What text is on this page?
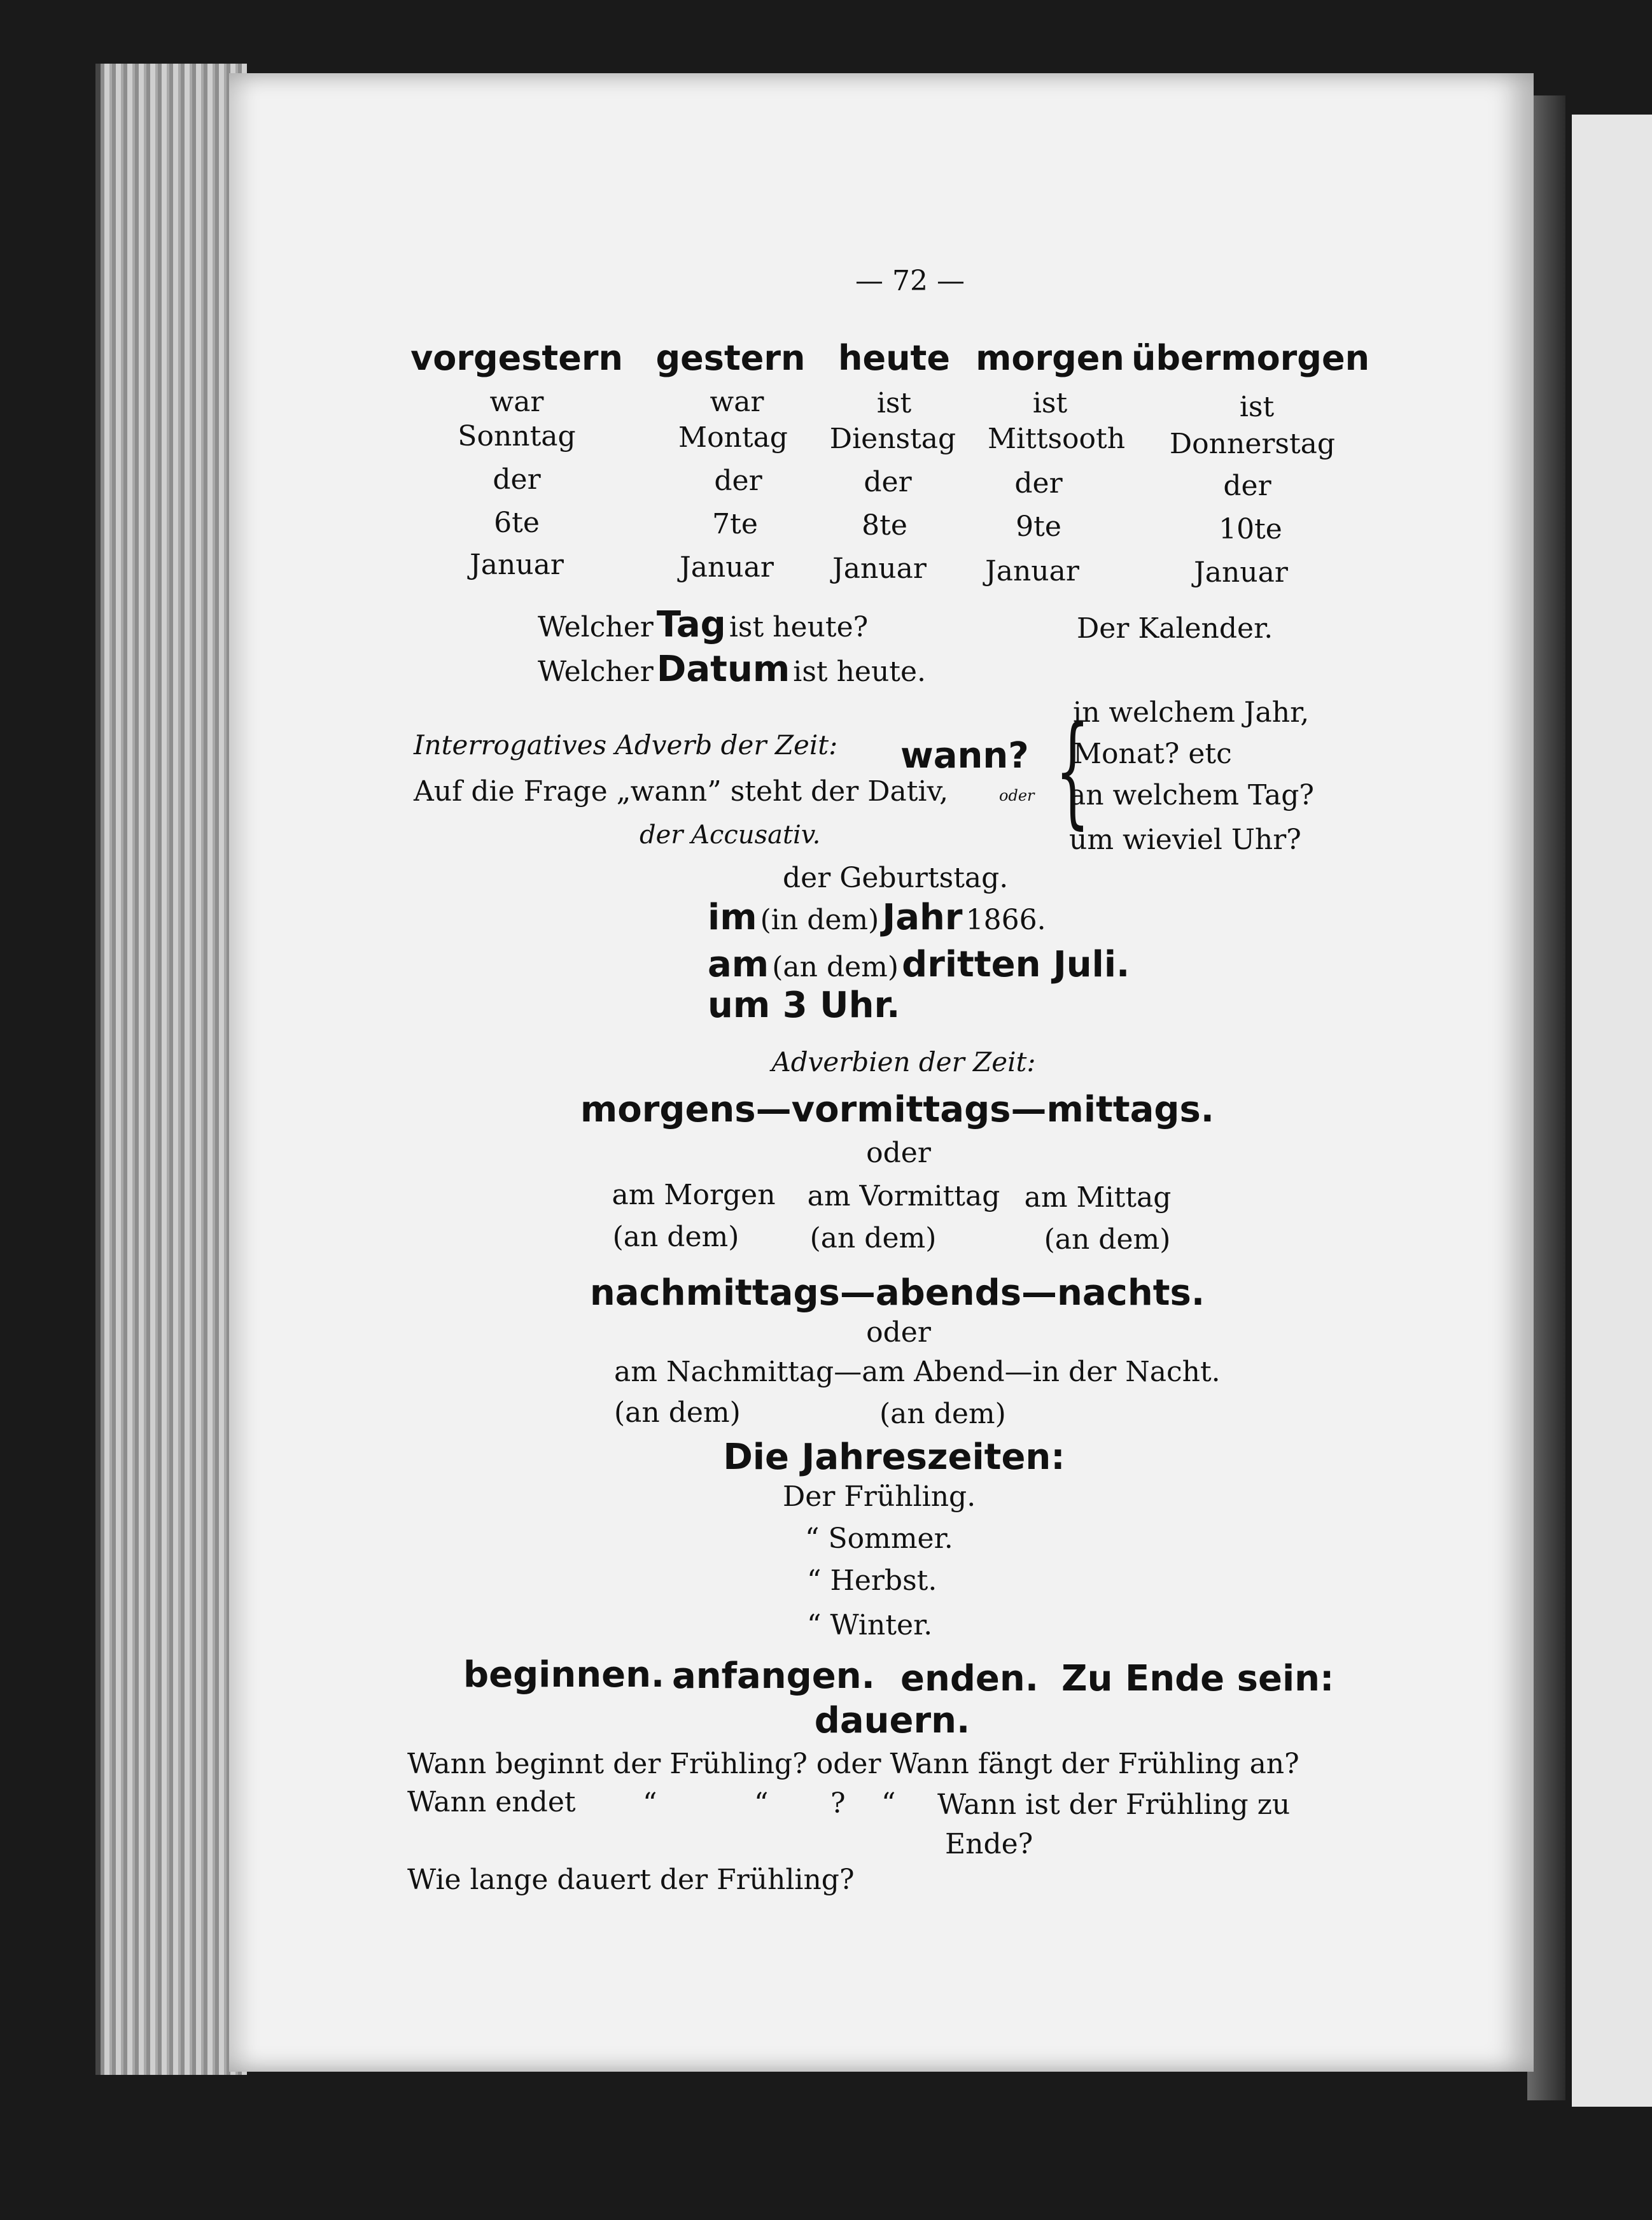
— 72 —
vorgestern gestern heute morgen übermorgen
war	war	ist	ist	ist
Sonntag	Montag Dienstag Mittsooth Donnerstag
der	der	der	der	der
6te	7te	8te	9te	10te
Januar	Januar Januar Januar	Januar
Welcher Tag ist heute?	Der Kalender.
Welcher Datum ist heute.
Interrogatives Adverb der Zeit: wann? {
in welchem Jahr,
Monat? etc
an welchem Tag?
um wieviel Uhr?
Auf die Frage „wann” steht der Dativ,	oder
der Accusativ.
der Geburtstag.
im (in dem) Jahr 1866.
am (an dem) dritten Juli.
um 3 Uhr.
Adverbien der Zeit:
morgens—vormittags—mittags.
oder
am Morgen am Vormittag am Mittag
(an dem)	(an dem)	(an dem)
nachmittags—abends—nachts.
oder
am Nachmittag—am Abend—in der Nacht.
(an dem)	(an dem)
Die Jahreszeiten:
Der Frühling.
“ Sommer.
“ Herbst.
“ Winter.
beginnen. anfangen. enden. Zu Ende sein:
dauern.
Wann beginnt der Frühling? oder Wann fängt der Frühling an?
Wann endet “	“ ? “ Wann ist der Frühling zu
Ende?
Wie lange dauert der Frühling?
